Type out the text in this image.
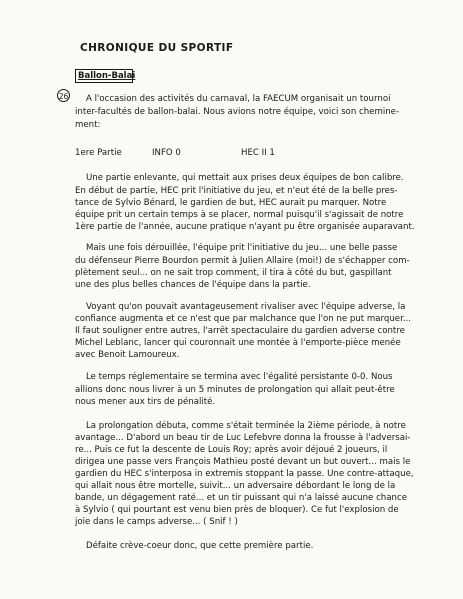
CHRONIQUE DU SPORTIF
Ballon-Balai
26 A l'occasion des activités du carnaval, la FAECUM organisait un tournoi
inter-facultés de ballon-balai. Nous avions notre équipe, voici son chemine-
ment:
1ere Partie	INFO 0	HEC II 1
Une partie enlevante, qui mettait aux prises deux équipes de bon calibre.
En début de partie, HEC prit l'initiative du jeu, et n'eut été de la belle pres-
tance de Sylvio Bénard, le gardien de but, HEC aurait pu marquer. Notre
équipe prit un certain temps à se placer, normal puisqu'il s'agissait de notre
1ère partie de l'année, aucune pratique n'ayant pu être organisée auparavant.
Mais une fois dérouillée, l'équipe prit l'initiative du jeu... une belle passe
du défenseur Pierre Bourdon permit à Julien Allaire (moi!) de s'échapper com-
plètement seul... on ne sait trop comment, il tira à côté du but, gaspillant
une des plus belles chances de l'équipe dans la partie.
Voyant qu'on pouvait avantageusement rivaliser avec l'équipe adverse, la
confiance augmenta et ce n'est que par malchance que l'on ne put marquer...
Il faut souligner entre autres, l'arrêt spectaculaire du gardien adverse contre
Michel Leblanc, lancer qui couronnait une montée à l'emporte-pièce menée
avec Benoit Lamoureux.
Le temps réglementaire se termina avec l'égalité persistante 0-0. Nous
allions donc nous livrer à un 5 minutes de prolongation qui allait peut-être
nous mener aux tirs de pénalité.
La prolongation débuta, comme s'était terminée la 2ième période, à notre
avantage... D'abord un beau tir de Luc Lefebvre donna la frousse à l'adversai-
re... Puis ce fut la descente de Louis Roy; après avoir déjoué 2 joueurs, il
dirigea une passe vers François Mathieu posté devant un but ouvert... mais le
gardien du HEC s'interposa in extremis stoppant la passe. Une contre-attaque,
qui allait nous être mortelle, suivit... un adversaire débordant le long de la
bande, un dégagement raté... et un tir puissant qui n'a laissé aucune chance
à Sylvio ( qui pourtant est venu bien près de bloquer). Ce fut l'explosion de
joie dans le camps adverse... ( Snif ! )
Défaite crève-coeur donc, que cette première partie.
